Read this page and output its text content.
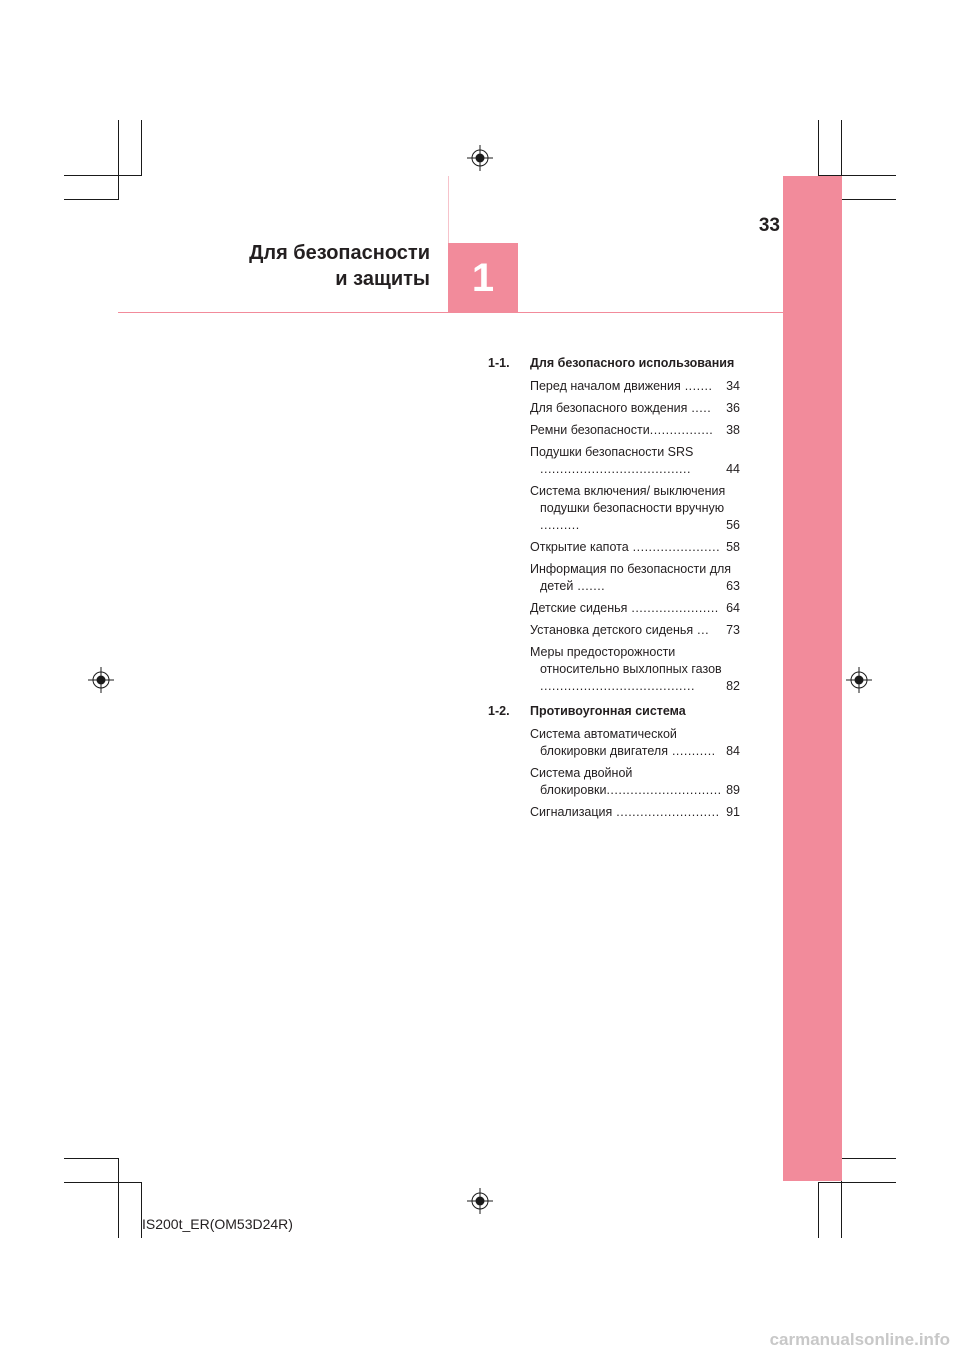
1
Для безопасности
и защиты
33
1-1. Для безопасного использования
Перед началом движения ....... 34
Для безопасного вождения ..... 36
Ремни безопасности................ 38
Подушки безопасности SRS ......................................	44
Система включения/ выключения подушки безопасности вручную ..........	56
Открытие капота ...................... 58
Информация по безопасности для детей .......	63
Детские сиденья ...................... 64
Установка детского сиденья ... 73
Меры предосторожности относительно выхлопных газов ....................................... 82
1-2. Противоугонная система
Система автоматической блокировки двигателя ........... 84
Система двойной блокировки............................. 89
Сигнализация .......................... 91
IS200t_ER(OM53D24R)
carmanualsonline.info
